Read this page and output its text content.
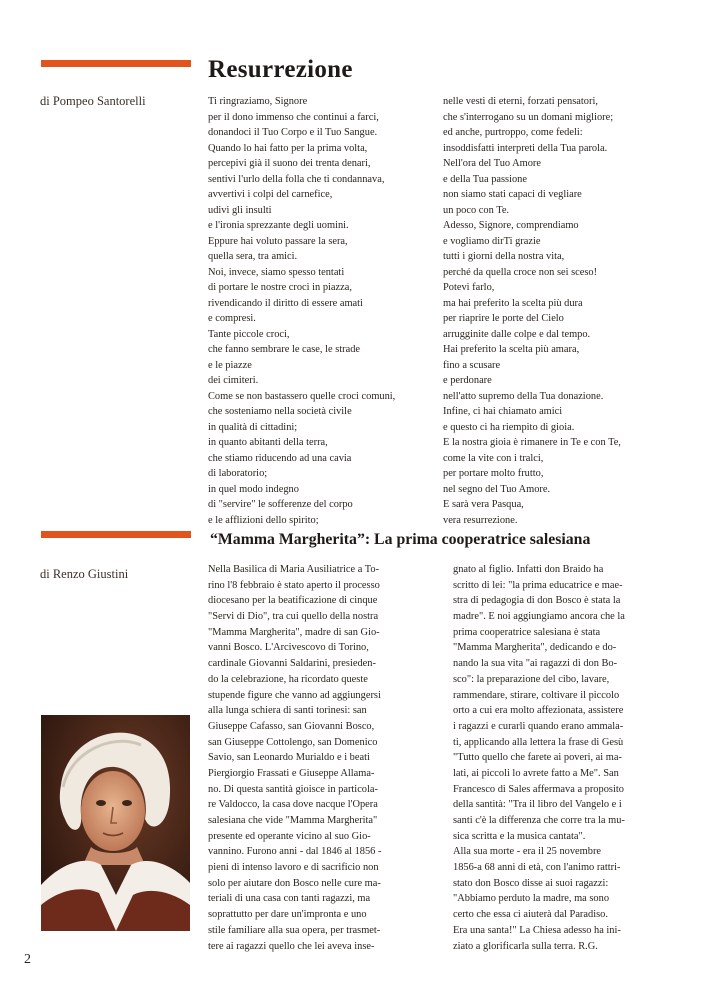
Resurrezione
di Pompeo Santorelli	Ti ringraziamo, Signore
per il dono immenso che continui a farci,
donandoci il Tuo Corpo e il Tuo Sangue.
Quando lo hai fatto per la prima volta,
percepivi già il suono dei trenta denari,
sentivi l'urlo della folla che ti condannava,
avvertivi i colpi del carnefice,
udivi gli insulti
e l'ironia sprezzante degli uomini.
Eppure hai voluto passare la sera,
quella sera, tra amici.
Noi, invece, siamo spesso tentati
di portare le nostre croci in piazza,
rivendicando il diritto di essere amati
e compresi.
Tante piccole croci,
che fanno sembrare le case, le strade
e le piazze
dei cimiteri.
Come se non bastassero quelle croci comuni,
che sosteniamo nella società civile
in qualità di cittadini;
in quanto abitanti della terra,
che stiamo riducendo ad una cavia
di laboratorio;
in quel modo indegno
di "servire" le sofferenze del corpo
e le afflizioni dello spirito;
nelle vesti di eterni, forzati pensatori,
che s'interrogano su un domani migliore;
ed anche, purtroppo, come fedeli:
insoddisfatti interpreti della Tua parola.
Nell'ora del Tuo Amore
e della Tua passione
non siamo stati capaci di vegliare
un poco con Te.
Adesso, Signore, comprendiamo
e vogliamo dirTi grazie
tutti i giorni della nostra vita,
perché da quella croce non sei sceso!
Potevi farlo,
ma hai preferito la scelta più dura
per riaprire le porte del Cielo
arrugginite dalle colpe e dal tempo.
Hai preferito la scelta più amara,
fino a scusare
e perdonare
nell'atto supremo della Tua donazione.
Infine, ci hai chiamato amici
e questo ci ha riempito di gioia.
E la nostra gioia è rimanere in Te e con Te,
come la vite con i tralci,
per portare molto frutto,
nel segno del Tuo Amore.
E sarà vera Pasqua,
vera resurrezione.
“Mamma Margherita”: La prima cooperatrice salesiana
di Renzo Giustini	Nella Basilica di Maria Ausiliatrice a To-
rino l'8 febbraio è stato aperto il processo
diocesano per la beatificazione di cinque
"Servi di Dio", tra cui quello della nostra
"Mamma Margherita", madre di san Gio-
vanni Bosco. L'Arcivescovo di Torino,
cardinale Giovanni Saldarini, presieden-
do la celebrazione, ha ricordato queste
stupende figure che vanno ad aggiungersi
alla lunga schiera di santi torinesi: san
Giuseppe Cafasso, san Giovanni Bosco,
san Giuseppe Cottolengo, san Domenico
Savio, san Leonardo Murialdo e i beati
Piergiorgio Frassati e Giuseppe Allama-
no. Di questa santità gioisce in particola-
re Valdocco, la casa dove nacque l'Opera
salesiana che vide "Mamma Margherita"
presente ed operante vicino al suo Gio-
vannino. Furono anni - dal 1846 al 1856 -
pieni di intenso lavoro e di sacrificio non
solo per aiutare don Bosco nelle cure ma-
teriali di una casa con tanti ragazzi, ma
soprattutto per dare un'impronta e uno
stile familiare alla sua opera, per trasmet-
tere ai ragazzi quello che lei aveva inse-
gnato al figlio. Infatti don Braido ha
scritto di lei: "la prima educatrice e mae-
stra di pedagogia di don Bosco è stata la
madre". E noi aggiungiamo ancora che la
prima cooperatrice salesiana è stata
"Mamma Margherita", dedicando e do-
nando la sua vita "ai ragazzi di don Bo-
sco": la preparazione del cibo, lavare,
rammendare, stirare, coltivare il piccolo
orto a cui era molto affezionata, assistere
i ragazzi e curarli quando erano ammala-
ti, applicando alla lettera la frase di Gesù
"Tutto quello che farete ai poveri, ai ma-
lati, ai piccoli lo avrete fatto a Me". San
Francesco di Sales affermava a proposito
della santità: "Tra il libro del Vangelo e i
santi c'è la differenza che corre tra la mu-
sica scritta e la musica cantata".
Alla sua morte - era il 25 novembre
1856-a 68 anni di età, con l'animo rattri-
stato don Bosco disse ai suoi ragazzi:
"Abbiamo perduto la madre, ma sono
certo che essa ci aiuterà dal Paradiso.
Era una santa!" La Chiesa adesso ha ini-
ziato a glorificarla sulla terra. R.G.
2
